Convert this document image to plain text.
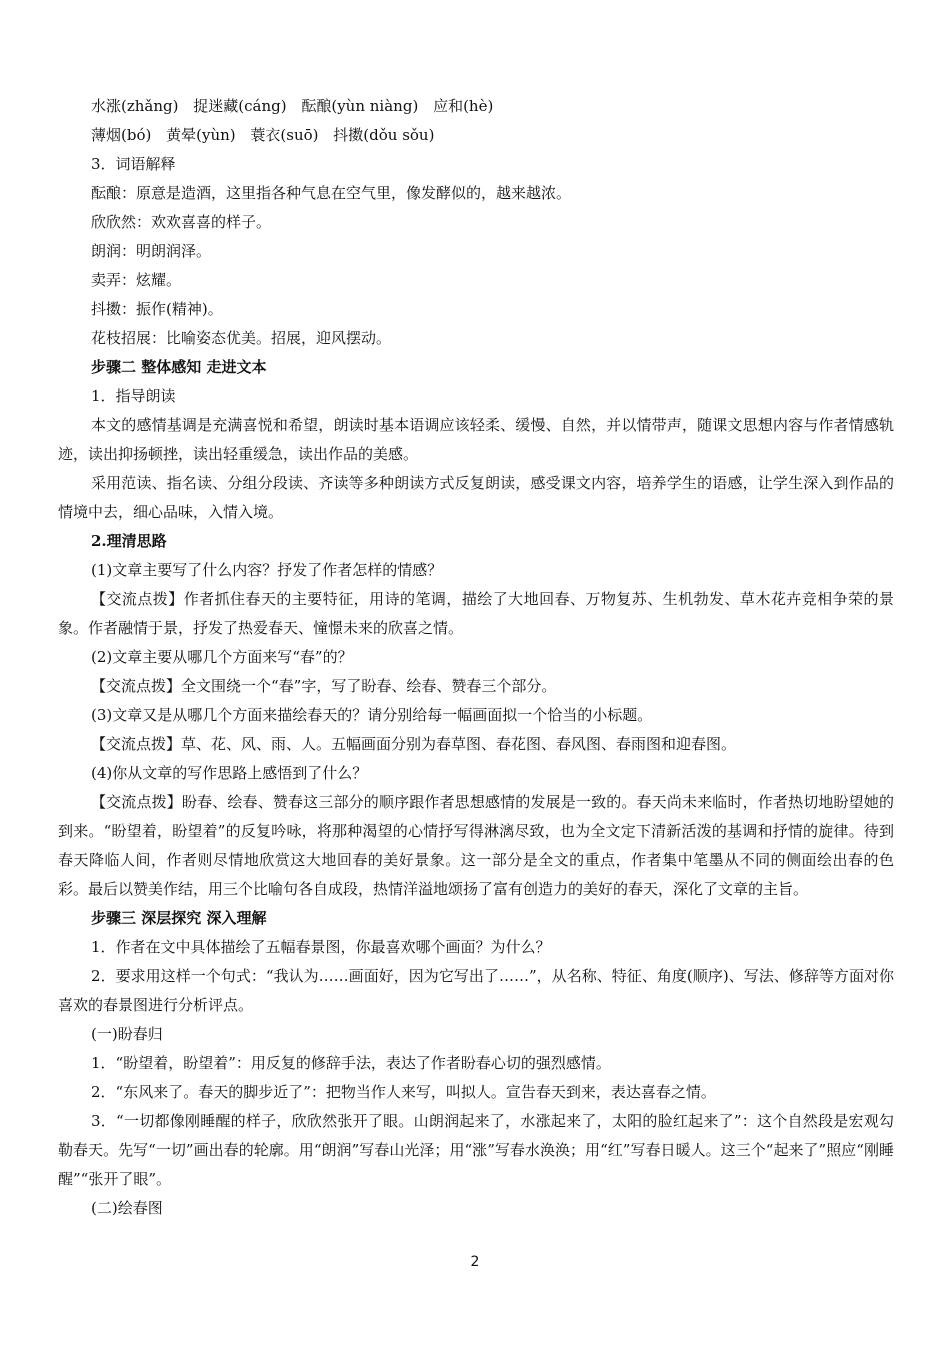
水涨(zhǎng) 捉迷藏(cáng) 酝酿(yùn niàng) 应和(hè)

薄烟(bó) 黄晕(yùn) 蓑衣(suō) 抖擞(dǒu sǒu)

3．词语解释

酝酿：原意是造酒，这里指各种气息在空气里，像发酵似的，越来越浓。

欣欣然：欢欢喜喜的样子。

朗润：明朗润泽。

卖弄：炫耀。

抖擞：振作(精神)。

花枝招展：比喻姿态优美。招展，迎风摆动。

步骤二 整体感知 走进文本

1．指导朗读

本文的感情基调是充满喜悦和希望，朗读时基本语调应该轻柔、缓慢、自然，并以情带声，随课文思想内容与作者情感轨迹，读出抑扬顿挫，读出轻重缓急，读出作品的美感。

采用范读、指名读、分组分段读、齐读等多种朗读方式反复朗读，感受课文内容，培养学生的语感，让学生深入到作品的情境中去，细心品味，入情入境。

2.理清思路

(1)文章主要写了什么内容？抒发了作者怎样的情感？

【交流点拨】作者抓住春天的主要特征，用诗的笔调，描绘了大地回春、万物复苏、生机勃发、草木花卉竞相争荣的景象。作者融情于景，抒发了热爱春天、憧憬未来的欣喜之情。

(2)文章主要从哪几个方面来写“春”的？

【交流点拨】全文围绕一个“春”字，写了盼春、绘春、赞春三个部分。

(3)文章又是从哪几个方面来描绘春天的？请分别给每一幅画面拟一个恰当的小标题。

【交流点拨】草、花、风、雨、人。五幅画面分别为春草图、春花图、春风图、春雨图和迎春图。

(4)你从文章的写作思路上感悟到了什么？

【交流点拨】盼春、绘春、赞春这三部分的顺序跟作者思想感情的发展是一致的。春天尚未来临时，作者热切地盼望她的到来。“盼望着，盼望着”的反复吟咏，将那种渴望的心情抒写得淋漓尽致，也为全文定下清新活泼的基调和抒情的旋律。待到春天降临人间，作者则尽情地欣赏这大地回春的美好景象。这一部分是全文的重点，作者集中笔墨从不同的侧面绘出春的色彩。最后以赞美作结，用三个比喻句各自成段，热情洋溢地颂扬了富有创造力的美好的春天，深化了文章的主旨。

步骤三 深层探究 深入理解

1．作者在文中具体描绘了五幅春景图，你最喜欢哪个画面？为什么？

2．要求用这样一个句式：“我认为……画面好，因为它写出了……”，从名称、特征、角度(顺序)、写法、修辞等方面对你喜欢的春景图进行分析评点。

(一)盼春归

1．“盼望着，盼望着”：用反复的修辞手法，表达了作者盼春心切的强烈感情。

2．“东风来了。春天的脚步近了”：把物当作人来写，叫拟人。宣告春天到来，表达喜春之情。

3．“一切都像刚睡醒的样子，欣欣然张开了眼。山朗润起来了，水涨起来了，太阳的脸红起来了”：这个自然段是宏观勾勒春天。先写“一切”画出春的轮廓。用“朗润”写春山光泽；用“涨”写春水涣涣；用“红”写春日暖人。这三个“起来了”照应“刚睡醒”“张开了眼”。

(二)绘春图

2
